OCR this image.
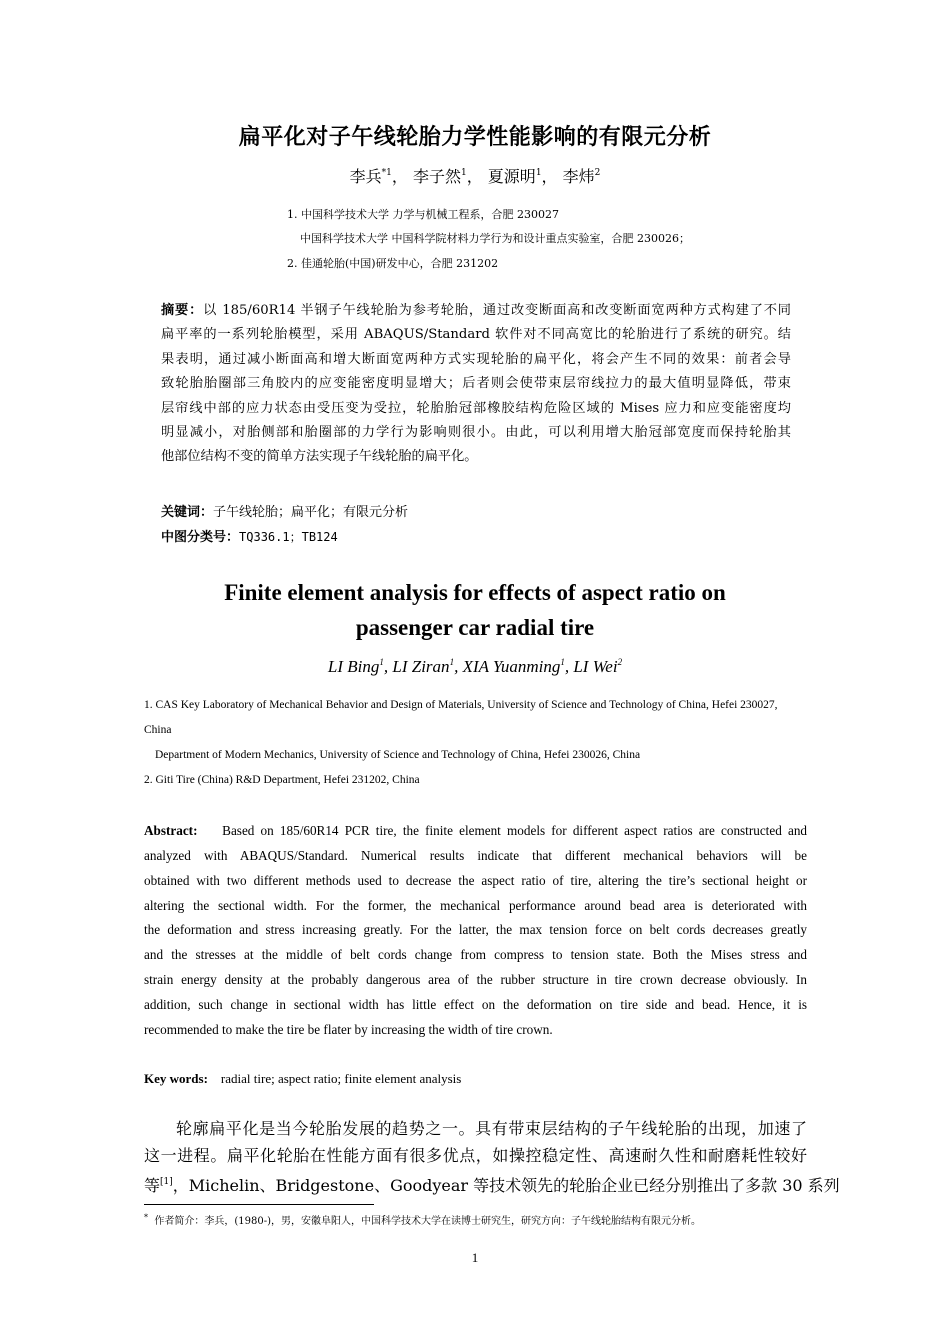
扁平化对子午线轮胎力学性能影响的有限元分析
李兵$^{*1}$， 李子然$^1$， 夏源明$^1$， 李炜$^2$
1. 中国科学技术大学 力学与机械工程系，合肥 230027
中国科学技术大学 中国科学院材料力学行为和设计重点实验室，合肥 230026；
2. 佳通轮胎(中国)研发中心，合肥 231202
摘要：以 185/60R14 半钢子午线轮胎为参考轮胎，通过改变断面高和改变断面宽两种方式构建了不同
扁平率的一系列轮胎模型，采用 ABAQUS/Standard 软件对不同高宽比的轮胎进行了系统的研究。结
果表明，通过减小断面高和增大断面宽两种方式实现轮胎的扁平化，将会产生不同的效果：前者会导
致轮胎胎圈部三角胶内的应变能密度明显增大；后者则会使带束层帘线拉力的最大值明显降低，带束
层帘线中部的应力状态由受压变为受拉，轮胎胎冠部橡胶结构危险区域的 Mises 应力和应变能密度均
明显减小，对胎侧部和胎圈部的力学行为影响则很小。由此，可以利用增大胎冠部宽度而保持轮胎其
他部位结构不变的简单方法实现子午线轮胎的扁平化。
关键词：子午线轮胎；扁平化；有限元分析
中图分类号：TQ336.1；TB124
Finite element analysis for effects of aspect ratio on
passenger car radial tire
LI Bing$^1$, LI Ziran$^1$, XIA Yuanming$^1$, LI Wei$^2$
1. CAS Key Laboratory of Mechanical Behavior and Design of Materials, University of Science and Technology of China, Hefei 230027,
China
Department of Modern Mechanics, University of Science and Technology of China, Hefei 230026, China
2. Giti Tire (China) R&D Department, Hefei 231202, China
Abstract: Based on 185/60R14 PCR tire, the finite element models for different aspect ratios are constructed and
analyzed with ABAQUS/Standard. Numerical results indicate that different mechanical behaviors will be
obtained with two different methods used to decrease the aspect ratio of tire, altering the tire’s sectional height or
altering the sectional width. For the former, the mechanical performance around bead area is deteriorated with
the deformation and stress increasing greatly. For the latter, the max tension force on belt cords decreases greatly
and the stresses at the middle of belt cords change from compress to tension state. Both the Mises stress and
strain energy density at the probably dangerous area of the rubber structure in tire crown decrease obviously. In
addition, such change in sectional width has little effect on the deformation on tire side and bead. Hence, it is
recommended to make the tire be flater by increasing the width of tire crown.
Key words: radial tire; aspect ratio; finite element analysis
轮廓扁平化是当今轮胎发展的趋势之一。具有带束层结构的子午线轮胎的出现，加速了
这一进程。扁平化轮胎在性能方面有很多优点，如操控稳定性、高速耐久性和耐磨耗性较好
等[1]，Michelin、Bridgestone、Goodyear 等技术领先的轮胎企业已经分别推出了多款 30 系列
* 作者简介：李兵，(1980-)，男，安徽阜阳人，中国科学技术大学在读博士研究生，研究方向：子午线轮胎结构有限元分析。
1
